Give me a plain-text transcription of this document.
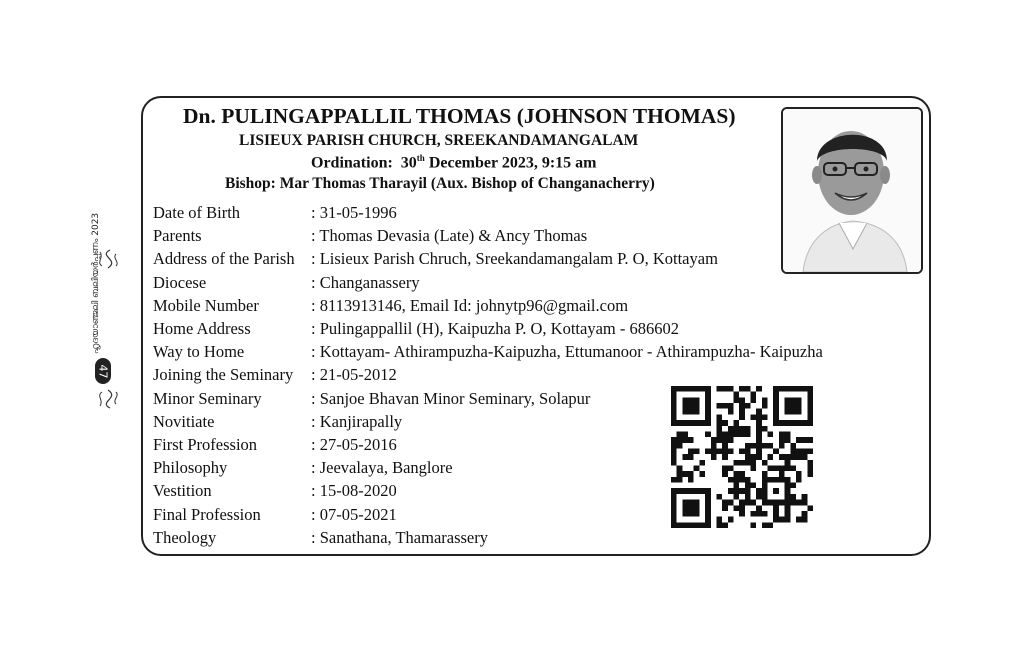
ഹൃദയാഞ്ജലി ബലിയർപ്പണം 2023
47
Dn. PULINGAPPALLIL THOMAS (JOHNSON THOMAS)
LISIEUX PARISH CHURCH, SREEKANDAMANGALAM
Ordination: 30th December 2023, 9:15 am
Bishop: Mar Thomas Tharayil (Aux. Bishop of Changanacherry)
Date of Birth	: 31-05-1996
Parents	: Thomas Devasia (Late) & Ancy Thomas
Address of the Parish : Lisieux Parish Chruch, Sreekandamangalam P. O, Kottayam
Diocese	: Changanassery
Mobile Number	: 8113913146, Email Id: johnytp96@gmail.com
Home Address	: Pulingappallil (H), Kaipuzha P. O, Kottayam - 686602
Way to Home	: Kottayam- Athirampuzha-Kaipuzha, Ettumanoor - Athirampuzha- Kaipuzha
Joining the Seminary : 21-05-2012
Minor Seminary	: Sanjoe Bhavan Minor Seminary, Solapur
Novitiate	: Kanjirapally
First Profession	: 27-05-2016
Philosophy	: Jeevalaya, Banglore
Vestition	: 15-08-2020
Final Profession	: 07-05-2021
Theology	: Sanathana, Thamarassery
